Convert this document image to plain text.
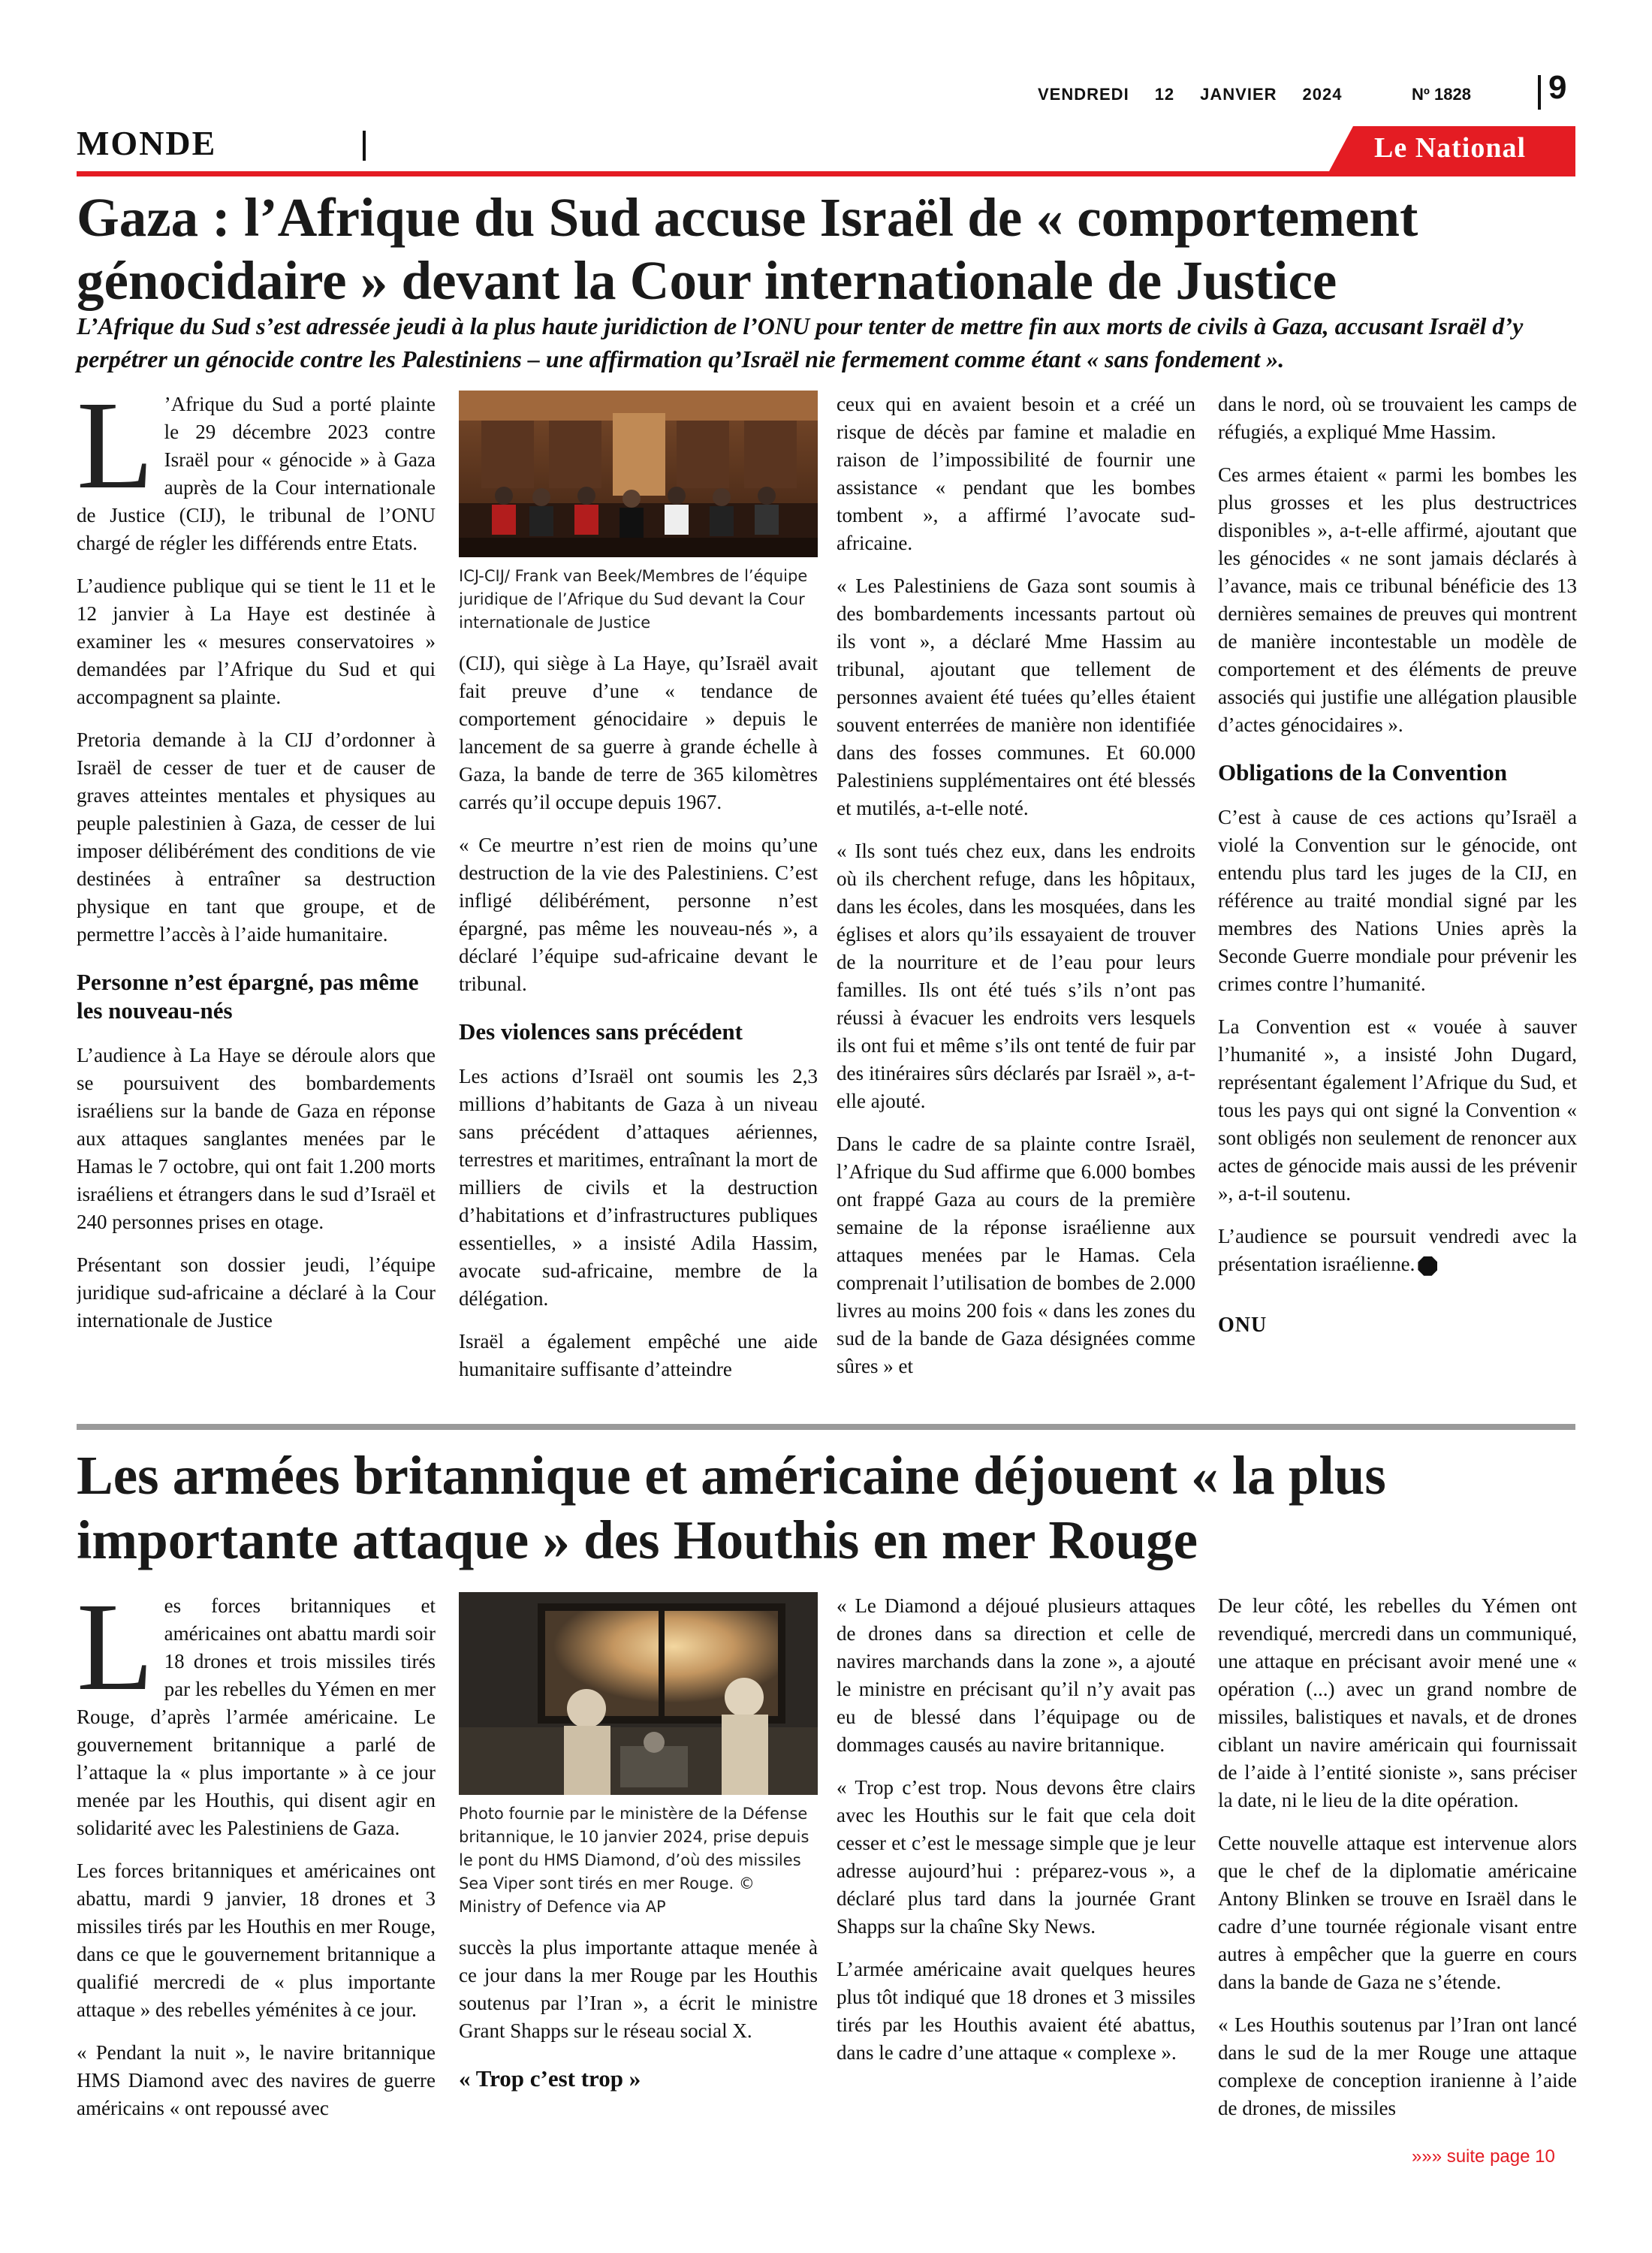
VENDREDI 12 JANVIER 2024	Nº 1828 9
MONDE	Le National
Gaza : l’Afrique du Sud accuse Israël de « comportement génocidaire » devant la Cour internationale de Justice

L’Afrique du Sud s’est adressée jeudi à la plus haute juridiction de l’ONU pour tenter de mettre fin aux morts de civils à Gaza, accusant Israël d’y perpétrer un génocide contre les Palestiniens – une affirmation qu’Israël nie fermement comme étant « sans fondement ».

L ’Afrique du Sud a porté plainte le 29 décembre 2023 contre Israël pour « génocide » à Gaza auprès de la Cour internationale de Justice (CIJ), le tribunal de l’ONU chargé de régler les différends entre Etats.

L’audience publique qui se tient le 11 et le 12 janvier à La Haye est destinée à examiner les « mesures conservatoires » demandées par l’Afrique du Sud et qui accompagnent sa plainte.

Pretoria demande à la CIJ d’ordonner à Israël de cesser de tuer et de causer de graves atteintes mentales et physiques au peuple palestinien à Gaza, de cesser de lui imposer délibérément des conditions de vie destinées à entraîner sa destruction physique en tant que groupe, et de permettre l’accès à l’aide humanitaire.

Personne n’est épargné, pas même les nouveau-nés

L’audience à La Haye se déroule alors que se poursuivent des bombardements israéliens sur la bande de Gaza en réponse aux attaques sanglantes menées par le Hamas le 7 octobre, qui ont fait 1.200 morts israéliens et étrangers dans le sud d’Israël et 240 personnes prises en otage.

Présentant son dossier jeudi, l’équipe juridique sud-africaine a déclaré à la Cour internationale de Justice

ICJ-CIJ/ Frank van Beek/Membres de l’équipe juridique de l’Afrique du Sud devant la Cour internationale de Justice

(CIJ), qui siège à La Haye, qu’Israël avait fait preuve d’une « tendance de comportement génocidaire » depuis le lancement de sa guerre à grande échelle à Gaza, la bande de terre de 365 kilomètres carrés qu’il occupe depuis 1967.

« Ce meurtre n’est rien de moins qu’une destruction de la vie des Palestiniens. C’est infligé délibérément, personne n’est épargné, pas même les nouveau-nés », a déclaré l’équipe sud-africaine devant le tribunal.

Des violences sans précédent

Les actions d’Israël ont soumis les 2,3 millions d’habitants de Gaza à un niveau sans précédent d’attaques aériennes, terrestres et maritimes, entraînant la mort de milliers de civils et la destruction d’habitations et d’infrastructures publiques essentielles, » a insisté Adila Hassim, avocate sud-africaine, membre de la délégation.

Israël a également empêché une aide humanitaire suffisante d’atteindre

ceux qui en avaient besoin et a créé un risque de décès par famine et maladie en raison de l’impossibilité de fournir une assistance « pendant que les bombes tombent », a affirmé l’avocate sud-africaine.

« Les Palestiniens de Gaza sont soumis à des bombardements incessants partout où ils vont », a déclaré Mme Hassim au tribunal, ajoutant que tellement de personnes avaient été tuées qu’elles étaient souvent enterrées de manière non identifiée dans des fosses communes. Et 60.000 Palestiniens supplémentaires ont été blessés et mutilés, a-t-elle noté.

« Ils sont tués chez eux, dans les endroits où ils cherchent refuge, dans les hôpitaux, dans les écoles, dans les mosquées, dans les églises et alors qu’ils essayaient de trouver de la nourriture et de l’eau pour leurs familles. Ils ont été tués s’ils n’ont pas réussi à évacuer les endroits vers lesquels ils ont fui et même s’ils ont tenté de fuir par des itinéraires sûrs déclarés par Israël », a-t-elle ajouté.

Dans le cadre de sa plainte contre Israël, l’Afrique du Sud affirme que 6.000 bombes ont frappé Gaza au cours de la première semaine de la réponse israélienne aux attaques menées par le Hamas. Cela comprenait l’utilisation de bombes de 2.000 livres au moins 200 fois « dans les zones du sud de la bande de Gaza désignées comme sûres » et

dans le nord, où se trouvaient les camps de réfugiés, a expliqué Mme Hassim.

Ces armes étaient « parmi les bombes les plus grosses et les plus destructrices disponibles », a-t-elle affirmé, ajoutant que les génocides « ne sont jamais déclarés à l’avance, mais ce tribunal bénéficie des 13 dernières semaines de preuves qui montrent de manière incontestable un modèle de comportement et des éléments de preuve associés qui justifie une allégation plausible d’actes génocidaires ».

Obligations de la Convention

C’est à cause de ces actions qu’Israël a violé la Convention sur le génocide, ont entendu plus tard les juges de la CIJ, en référence au traité mondial signé par les membres des Nations Unies après la Seconde Guerre mondiale pour prévenir les crimes contre l’humanité.

La Convention est « vouée à sauver l’humanité », a insisté John Dugard, représentant également l’Afrique du Sud, et tous les pays qui ont signé la Convention « sont obligés non seulement de renoncer aux actes de génocide mais aussi de les prévenir », a-t-il soutenu.

L’audience se poursuit vendredi avec la présentation israélienne.

ONU
Les armées britannique et américaine déjouent « la plus importante attaque » des Houthis en mer Rouge

Les forces britanniques et américaines ont abattu mardi soir 18 drones et trois missiles tirés par les rebelles du Yémen en mer Rouge, d’après l’armée américaine. Le gouvernement britannique a parlé de l’attaque la « plus importante » à ce jour menée par les Houthis, qui disent agir en solidarité avec les Palestiniens de Gaza.

Les forces britanniques et américaines ont abattu, mardi 9 janvier, 18 drones et 3 missiles tirés par les Houthis en mer Rouge, dans ce que le gouvernement britannique a qualifié mercredi de « plus importante attaque » des rebelles yéménites à ce jour.

« Pendant la nuit », le navire britannique HMS Diamond avec des navires de guerre américains « ont repoussé avec

Photo fournie par le ministère de la Défense britannique, le 10 janvier 2024, prise depuis le pont du HMS Diamond, d’où des missiles Sea Viper sont tirés en mer Rouge. © Ministry of Defence via AP

succès la plus importante attaque menée à ce jour dans la mer Rouge par les Houthis soutenus par l’Iran », a écrit le ministre Grant Shapps sur le réseau social X.

« Trop c’est trop »

« Le Diamond a déjoué plusieurs attaques de drones dans sa direction et celle de navires marchands dans la zone », a ajouté le ministre en précisant qu’il n’y avait pas eu de blessé dans l’équipage ou de dommages causés au navire britannique.

« Trop c’est trop. Nous devons être clairs avec les Houthis sur le fait que cela doit cesser et c’est le message simple que je leur adresse aujourd’hui : préparez-vous », a déclaré plus tard dans la journée Grant Shapps sur la chaîne Sky News.

L’armée américaine avait quelques heures plus tôt indiqué que 18 drones et 3 missiles tirés par les Houthis avaient été abattus, dans le cadre d’une attaque « complexe ».

De leur côté, les rebelles du Yémen ont revendiqué, mercredi dans un communiqué, une attaque en précisant avoir mené une « opération (...) avec un grand nombre de missiles, balistiques et navals, et de drones ciblant un navire américain qui fournissait de l’aide à l’entité sioniste », sans préciser la date, ni le lieu de la dite opération.

Cette nouvelle attaque est intervenue alors que le chef de la diplomatie américaine Antony Blinken se trouve en Israël dans le cadre d’une tournée régionale visant entre autres à empêcher que la guerre en cours dans la bande de Gaza ne s’étende.

« Les Houthis soutenus par l’Iran ont lancé dans le sud de la mer Rouge une attaque complexe de conception iranienne à l’aide de drones, de missiles

»»» suite page 10
